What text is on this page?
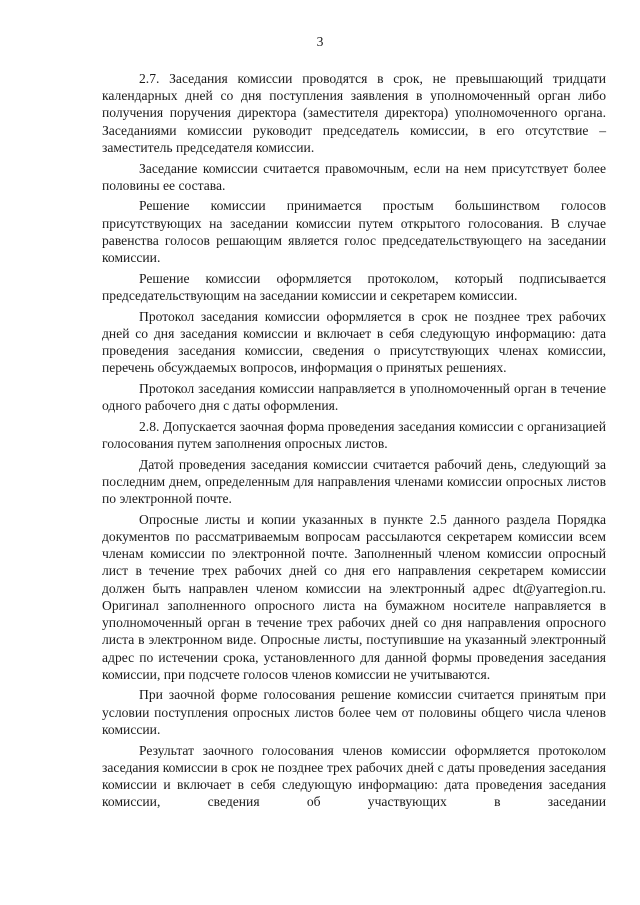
3

2.7. Заседания комиссии проводятся в срок, не превышающий тридцати календарных дней со дня поступления заявления в уполномоченный орган либо получения поручения директора (заместителя директора) уполномоченного органа. Заседаниями комиссии руководит председатель комиссии, в его отсутствие – заместитель председателя комиссии.

Заседание комиссии считается правомочным, если на нем присутствует более половины ее состава.

Решение комиссии принимается простым большинством голосов присутствующих на заседании комиссии путем открытого голосования. В случае равенства голосов решающим является голос председательствующего на заседании комиссии.

Решение комиссии оформляется протоколом, который подписывается председательствующим на заседании комиссии и секретарем комиссии.

Протокол заседания комиссии оформляется в срок не позднее трех рабочих дней со дня заседания комиссии и включает в себя следующую информацию: дата проведения заседания комиссии, сведения о присутствующих членах комиссии, перечень обсуждаемых вопросов, информация о принятых решениях.

Протокол заседания комиссии направляется в уполномоченный орган в течение одного рабочего дня с даты оформления.

2.8. Допускается заочная форма проведения заседания комиссии с организацией голосования путем заполнения опросных листов.

Датой проведения заседания комиссии считается рабочий день, следующий за последним днем, определенным для направления членами комиссии опросных листов по электронной почте.

Опросные листы и копии указанных в пункте 2.5 данного раздела Порядка документов по рассматриваемым вопросам рассылаются секретарем комиссии всем членам комиссии по электронной почте. Заполненный членом комиссии опросный лист в течение трех рабочих дней со дня его направления секретарем комиссии должен быть направлен членом комиссии на электронный адрес dt@yarregion.ru. Оригинал заполненного опросного листа на бумажном носителе направляется в уполномоченный орган в течение трех рабочих дней со дня направления опросного листа в электронном виде. Опросные листы, поступившие на указанный электронный адрес по истечении срока, установленного для данной формы проведения заседания комиссии, при подсчете голосов членов комиссии не учитываются.

При заочной форме голосования решение комиссии считается принятым при условии поступления опросных листов более чем от половины общего числа членов комиссии.

Результат заочного голосования членов комиссии оформляется протоколом заседания комиссии в срок не позднее трех рабочих дней с даты проведения заседания комиссии и включает в себя следующую информацию: дата проведения заседания комиссии, сведения об участвующих в заседании
